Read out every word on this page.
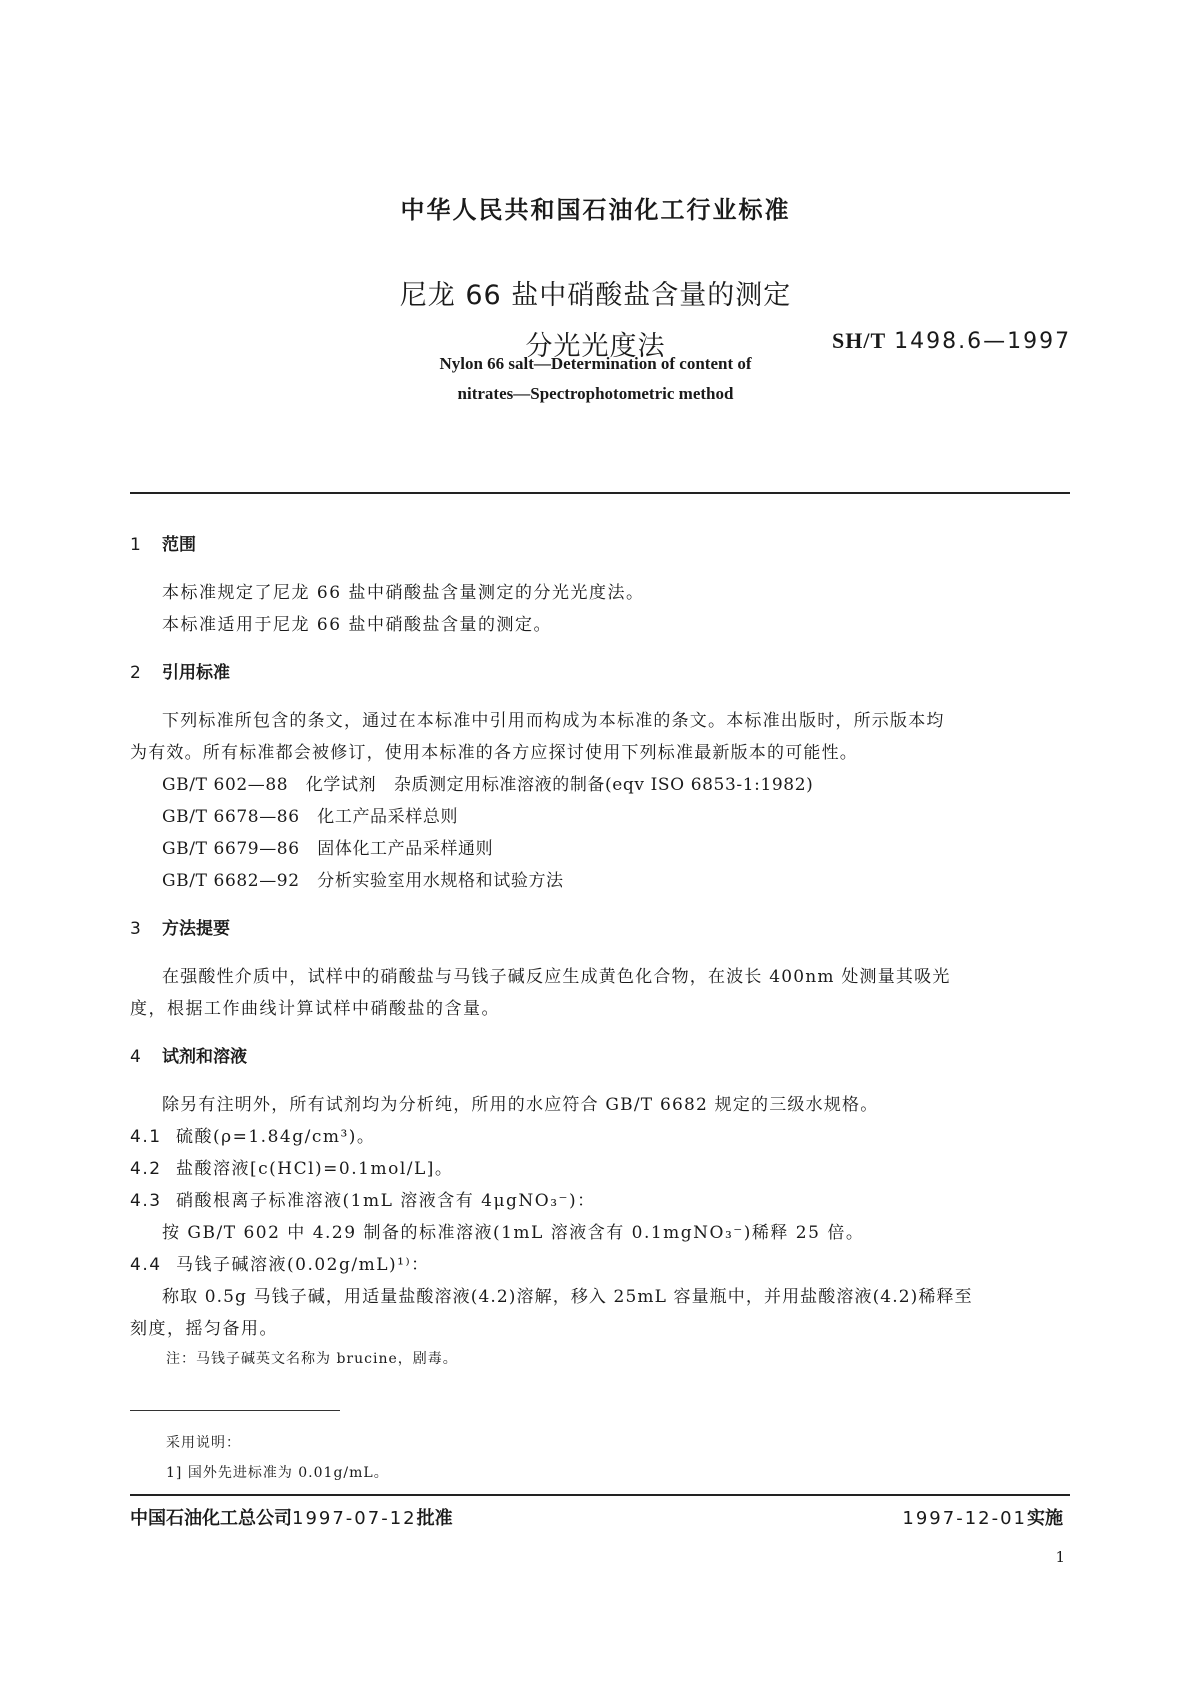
中华人民共和国石油化工行业标准
尼龙 66 盐中硝酸盐含量的测定
分光光度法	SH/T 1498.6—1997
Nylon 66 salt—Determination of content of
nitrates—Spectrophotometric method
1 范围
本标准规定了尼龙 66 盐中硝酸盐含量测定的分光光度法。
本标准适用于尼龙 66 盐中硝酸盐含量的测定。
2 引用标准
下列标准所包含的条文，通过在本标准中引用而构成为本标准的条文。本标准出版时，所示版本均
为有效。所有标准都会被修订，使用本标准的各方应探讨使用下列标准最新版本的可能性。
GB/T 602—88　化学试剂　杂质测定用标准溶液的制备(eqv ISO 6853-1:1982)
GB/T 6678—86　化工产品采样总则
GB/T 6679—86　固体化工产品采样通则
GB/T 6682—92　分析实验室用水规格和试验方法
3 方法提要
在强酸性介质中，试样中的硝酸盐与马钱子碱反应生成黄色化合物，在波长 400nm 处测量其吸光
度，根据工作曲线计算试样中硝酸盐的含量。
4 试剂和溶液
除另有注明外，所有试剂均为分析纯，所用的水应符合 GB/T 6682 规定的三级水规格。
4.1 硫酸(ρ=1.84g/cm³)。
4.2 盐酸溶液[c(HCl)=0.1mol/L]。
4.3 硝酸根离子标准溶液(1mL 溶液含有 4μgNO₃⁻)：
按 GB/T 602 中 4.29 制备的标准溶液(1mL 溶液含有 0.1mgNO₃⁻)稀释 25 倍。
4.4 马钱子碱溶液(0.02g/mL)¹⁾：
称取 0.5g 马钱子碱，用适量盐酸溶液(4.2)溶解，移入 25mL 容量瓶中，并用盐酸溶液(4.2)稀释至
刻度，摇匀备用。
注：马钱子碱英文名称为 brucine，剧毒。
采用说明：
1] 国外先进标准为 0.01g/mL。
中国石油化工总公司1997-07-12批准	1997-12-01实施
1
